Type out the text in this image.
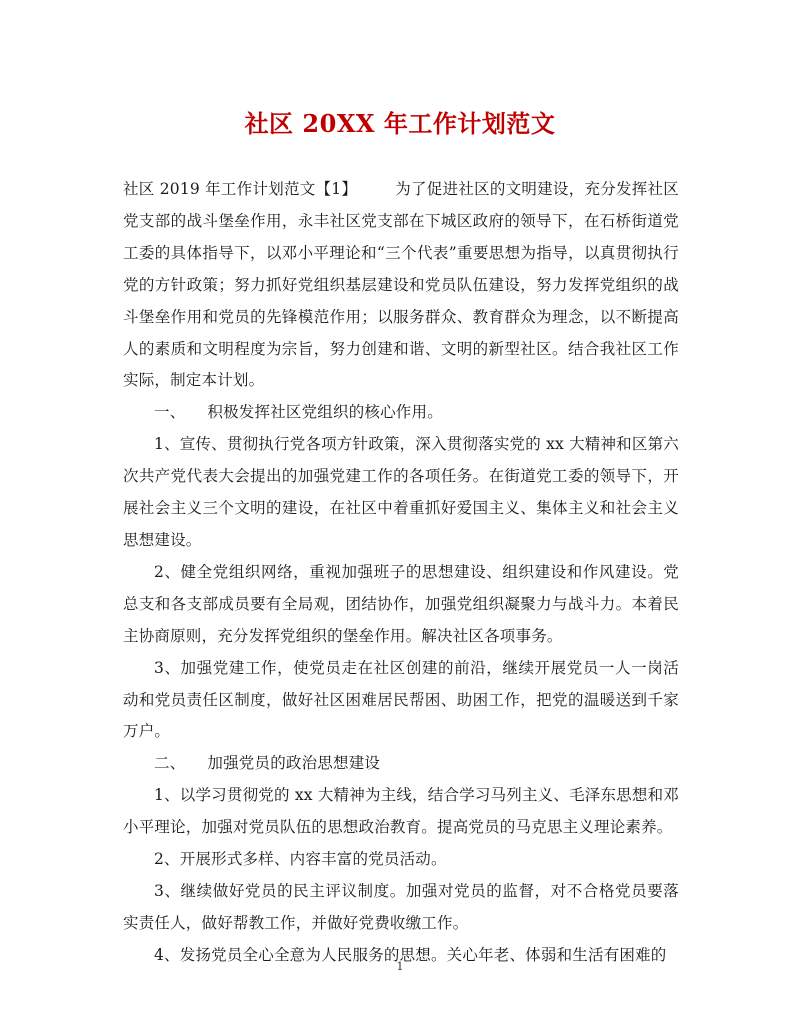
社区 20XX 年工作计划范文

社区 2019 年工作计划范文【1】 为了促进社区的文明建设，充分发挥社区党支部的战斗堡垒作用，永丰社区党支部在下城区政府的领导下，在石桥街道党工委的具体指导下，以邓小平理论和“三个代表”重要思想为指导，以真贯彻执行党的方针政策；努力抓好党组织基层建设和党员队伍建设，努力发挥党组织的战斗堡垒作用和党员的先锋模范作用；以服务群众、教育群众为理念，以不断提高人的素质和文明程度为宗旨，努力创建和谐、文明的新型社区。结合我社区工作实际，制定本计划。

一、 积极发挥社区党组织的核心作用。

1、宣传、贯彻执行党各项方针政策，深入贯彻落实党的 xx 大精神和区第六次共产党代表大会提出的加强党建工作的各项任务。在街道党工委的领导下，开展社会主义三个文明的建设，在社区中着重抓好爱国主义、集体主义和社会主义思想建设。

2、健全党组织网络，重视加强班子的思想建设、组织建设和作风建设。党总支和各支部成员要有全局观，团结协作，加强党组织凝聚力与战斗力。本着民主协商原则，充分发挥党组织的堡垒作用。解决社区各项事务。

3、加强党建工作，使党员走在社区创建的前沿，继续开展党员一人一岗活动和党员责任区制度，做好社区困难居民帮困、助困工作，把党的温暖送到千家万户。

二、 加强党员的政治思想建设

1、以学习贯彻党的 xx 大精神为主线，结合学习马列主义、毛泽东思想和邓小平理论，加强对党员队伍的思想政治教育。提高党员的马克思主义理论素养。

2、开展形式多样、内容丰富的党员活动。

3、继续做好党员的民主评议制度。加强对党员的监督，对不合格党员要落实责任人，做好帮教工作，并做好党费收缴工作。

4、发扬党员全心全意为人民服务的思想。关心年老、体弱和生活有困难的

1
